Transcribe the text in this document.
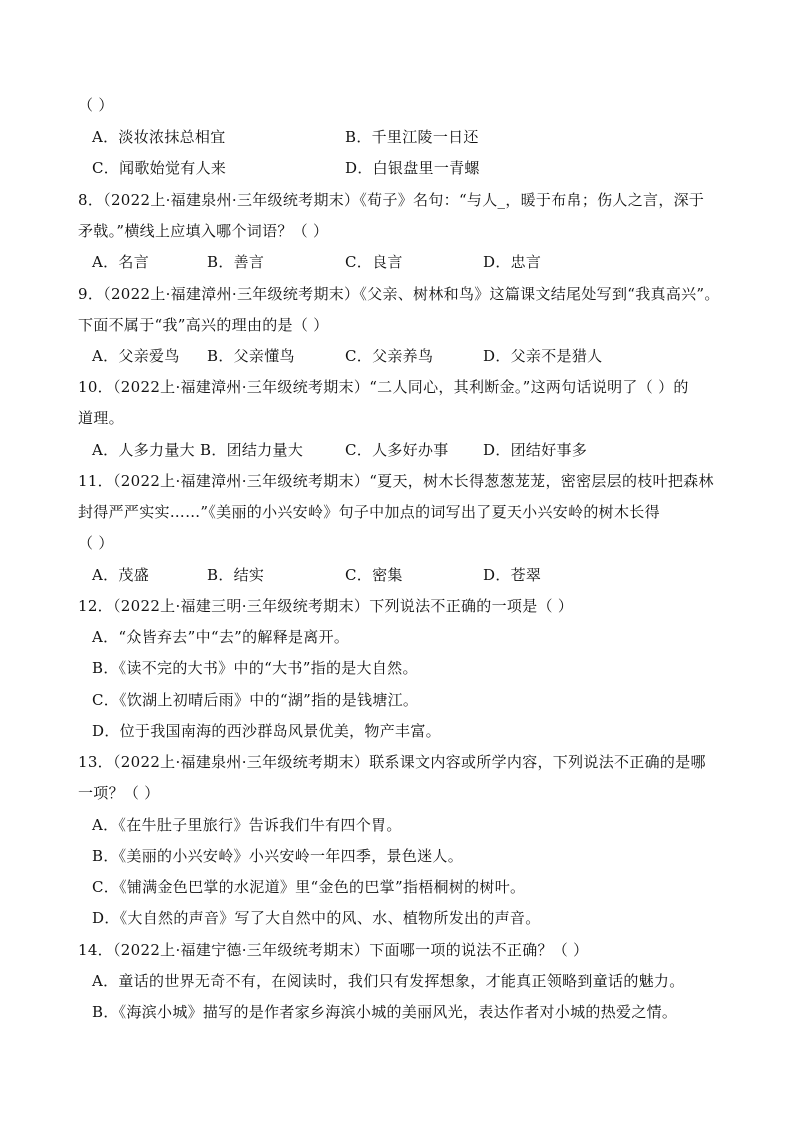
（ ）
A．淡妆浓抹总相宜	B．千里江陵一日还
C．闻歌始觉有人来	D．白银盘里一青螺
8．（2022上·福建泉州·三年级统考期末）《荀子》名句：“与人_，暖于布帛；伤人之言，深于
矛戟。”横线上应填入哪个词语？（ ）
A．名言	B．善言	C．良言	D．忠言
9．（2022上·福建漳州·三年级统考期末）《父亲、树林和鸟》这篇课文结尾处写到“我真高兴”。
下面不属于“我”高兴的理由的是（ ）
A．父亲爱鸟 B．父亲懂鸟	C．父亲养鸟	D．父亲不是猎人
10．（2022上·福建漳州·三年级统考期末）“二人同心，其利断金。”这两句话说明了（ ）的
道理。
A．人多力量大 B．团结力量大	C．人多好办事 D．团结好事多
11．（2022上·福建漳州·三年级统考期末）“夏天，树木长得葱葱茏茏，密密层层的枝叶把森林
封得严严实实……”《美丽的小兴安岭》句子中加点的词写出了夏天小兴安岭的树木长得
（ ）
A．茂盛	B．结实	C．密集	D．苍翠
12．（2022上·福建三明·三年级统考期末）下列说法不正确的一项是（ ）
A．“众皆弃去”中“去”的解释是离开。
B．《读不完的大书》中的“大书”指的是大自然。
C．《饮湖上初晴后雨》中的“湖”指的是钱塘江。
D．位于我国南海的西沙群岛风景优美，物产丰富。
13．（2022上·福建泉州·三年级统考期末）联系课文内容或所学内容，下列说法不正确的是哪
一项？（ ）
A．《在牛肚子里旅行》告诉我们牛有四个胃。
B．《美丽的小兴安岭》小兴安岭一年四季，景色迷人。
C．《铺满金色巴掌的水泥道》里“金色的巴掌”指梧桐树的树叶。
D．《大自然的声音》写了大自然中的风、水、植物所发出的声音。
14．（2022上·福建宁德·三年级统考期末）下面哪一项的说法不正确？（ ）
A．童话的世界无奇不有，在阅读时，我们只有发挥想象，才能真正领略到童话的魅力。
B．《海滨小城》描写的是作者家乡海滨小城的美丽风光，表达作者对小城的热爱之情。
